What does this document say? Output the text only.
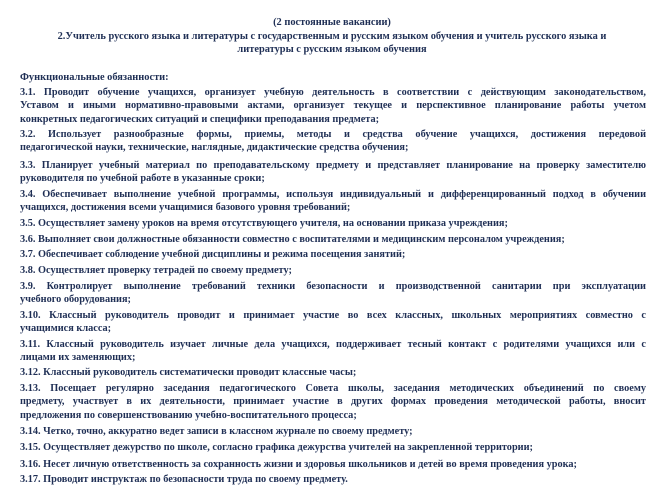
(2 постоянные вакансии)
2.Учитель русского языка и литературы с государственным и русским языком обучения и учитель русского языка и
литературы с русским языком обучения
Функциональные обязанности:
3.1. Проводит обучение учащихся, организует учебную деятельность в соответствии с действующим законодательством,
Уставом и иными нормативно-правовыми актами, организует текущее и перспективное планирование работы учетом
конкретных педагогических ситуаций и специфики преподавания предмета;
3.2. Использует разнообразные формы, приемы, методы и средства обучение учащихся, достижения передовой
педагогической науки, технические, наглядные, дидактические средства обучения;
3.3. Планирует учебный материал по преподавательскому предмету и представляет планирование на проверку заместителю
руководителя по учебной работе в указанные сроки;
3.4. Обеспечивает выполнение учебной программы, используя индивидуальный и дифференцированный подход в обучении
учащихся, достижения всеми учащимися базового уровня требований;
3.5. Осуществляет замену уроков на время отсутствующего учителя, на основании приказа учреждения;
3.6. Выполняет свои должностные обязанности совместно с воспитателями и медицинским персоналом учреждения;
3.7. Обеспечивает соблюдение учебной дисциплины и режима посещения занятий;
3.8. Осуществляет проверку тетрадей по своему предмету;
3.9. Контролирует выполнение требований техники безопасности и производственной санитарии при эксплуатации
учебного оборудования;
3.10. Классный руководитель проводит и принимает участие во всех классных, школьных мероприятиях совместно с
учащимися класса;
3.11. Классный руководитель изучает личные дела учащихся, поддерживает тесный контакт с родителями учащихся или с
лицами их заменяющих;
3.12. Классный руководитель систематически проводит классные часы;
3.13. Посещает регулярно заседания педагогического Совета школы, заседания методических объединений по своему
предмету, участвует в их деятельности, принимает участие в других формах проведения методической работы, вносит
предложения по совершенствованию учебно-воспитательного процесса;
3.14. Четко, точно, аккуратно ведет записи в классном журнале по своему предмету;
3.15. Осуществляет дежурство по школе, согласно графика дежурства учителей на закрепленной территории;
3.16. Несет личную ответственность за сохранность жизни и здоровья школьников и детей во время проведения урока;
3.17. Проводит инструктаж по безопасности труда по своему предмету.
